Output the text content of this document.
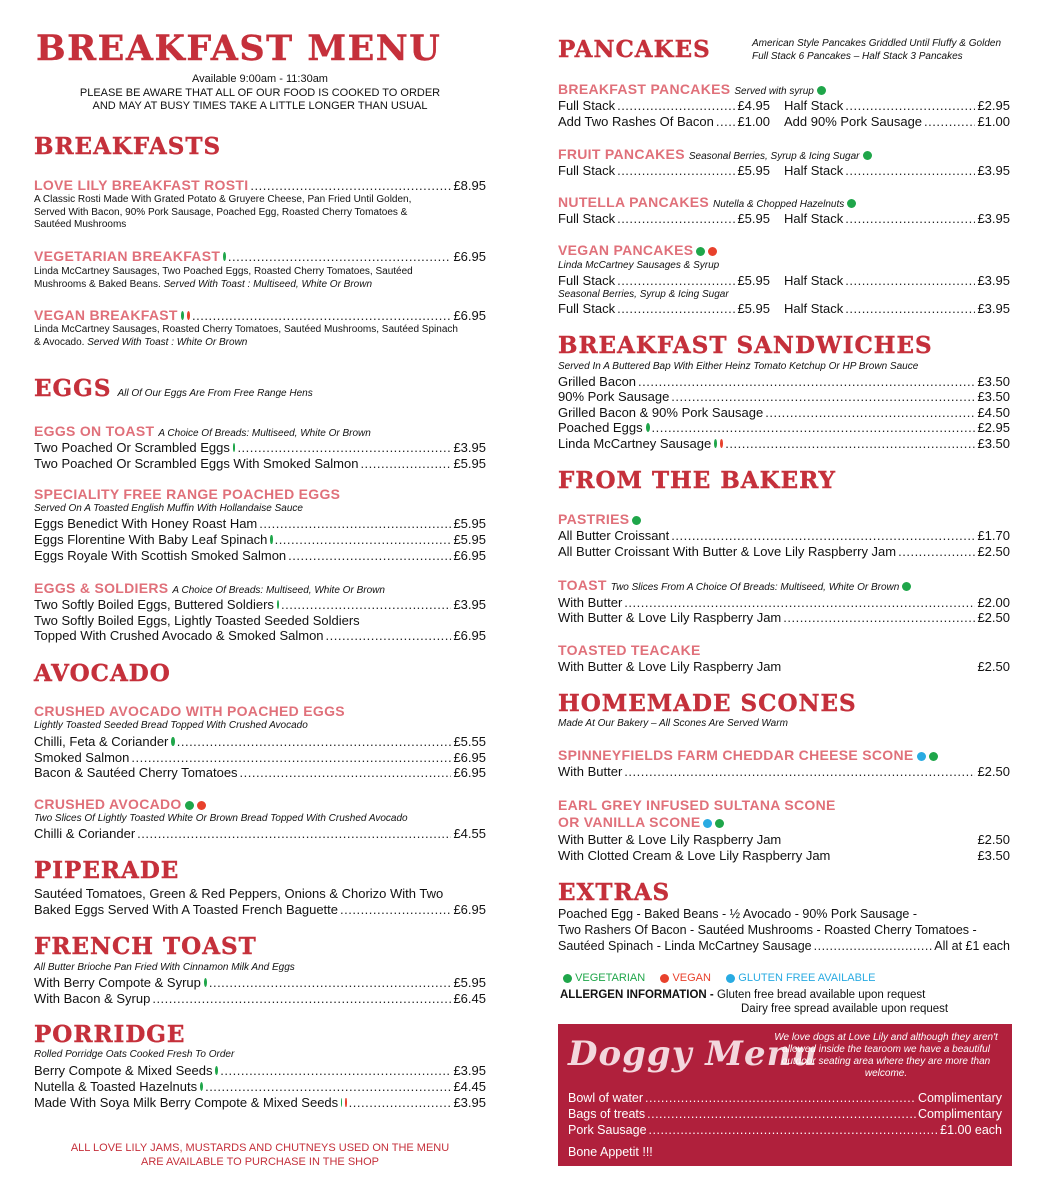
BREAKFAST MENU
Available 9:00am - 11:30am
PLEASE BE AWARE THAT ALL OF OUR FOOD IS COOKED TO ORDER
AND MAY AT BUSY TIMES TAKE A LITTLE LONGER THAN USUAL
BREAKFASTS
LOVE LILY BREAKFAST ROSTI .....	£8.95
A Classic Rosti Made With Grated Potato & Gruyere Cheese, Pan Fried Until Golden,
Served With Bacon, 90% Pork Sausage, Poached Egg, Roasted Cherry Tomatoes &
Sautéed Mushrooms
VEGETARIAN BREAKFAST .....	£6.95
Linda McCartney Sausages, Two Poached Eggs, Roasted Cherry Tomatoes, Sautéed
Mushrooms & Baked Beans. Served With Toast : Multiseed, White Or Brown
VEGAN BREAKFAST .....	£6.95
Linda McCartney Sausages, Roasted Cherry Tomatoes, Sautéed Mushrooms, Sautéed Spinach
& Avocado. Served With Toast : White Or Brown
EGGS All Of Our Eggs Are From Free Range Hens
EGGS ON TOAST A Choice Of Breads: Multiseed, White Or Brown
Two Poached Or Scrambled Eggs .....	£3.95
Two Poached Or Scrambled Eggs With Smoked Salmon .....	£5.95
SPECIALITY FREE RANGE POACHED EGGS
Served On A Toasted English Muffin With Hollandaise Sauce
Eggs Benedict With Honey Roast Ham .....	£5.95
Eggs Florentine With Baby Leaf Spinach .....	£5.95
Eggs Royale With Scottish Smoked Salmon .....	£6.95
EGGS & SOLDIERS A Choice Of Breads: Multiseed, White Or Brown
Two Softly Boiled Eggs, Buttered Soldiers .....	£3.95
Two Softly Boiled Eggs, Lightly Toasted Seeded Soldiers
Topped With Crushed Avocado & Smoked Salmon .....	£6.95
AVOCADO
CRUSHED AVOCADO WITH POACHED EGGS
Lightly Toasted Seeded Bread Topped With Crushed Avocado
Chilli, Feta & Coriander .....	£5.55
Smoked Salmon .....	£6.95
Bacon & Sautéed Cherry Tomatoes .....	£6.95
CRUSHED AVOCADO
Two Slices Of Lightly Toasted White Or Brown Bread Topped With Crushed Avocado
Chilli & Coriander .....	£4.55
PIPERADE
Sautéed Tomatoes, Green & Red Peppers, Onions & Chorizo With Two
Baked Eggs Served With A Toasted French Baguette .....	£6.95
FRENCH TOAST
All Butter Brioche Pan Fried With Cinnamon Milk And Eggs
With Berry Compote & Syrup .....	£5.95
With Bacon & Syrup .....	£6.45
PORRIDGE
Rolled Porridge Oats Cooked Fresh To Order
Berry Compote & Mixed Seeds .....	£3.95
Nutella & Toasted Hazelnuts .....	£4.45
Made With Soya Milk Berry Compote & Mixed Seeds .....	£3.95
ALL LOVE LILY JAMS, MUSTARDS AND CHUTNEYS USED ON THE MENU
ARE AVAILABLE TO PURCHASE IN THE SHOP
PANCAKES	American Style Pancakes Griddled Until Fluffy & Golden
Full Stack 6 Pancakes – Half Stack 3 Pancakes
BREAKFAST PANCAKES Served with syrup
Full Stack .....	£4.95 Half Stack .....	£2.95
Add Two Rashes Of Bacon ..... £1.00 Add 90% Pork Sausage .....	£1.00
FRUIT PANCAKES Seasonal Berries, Syrup & Icing Sugar
Full Stack .....	£5.95 Half Stack .....	£3.95
NUTELLA PANCAKES Nutella & Chopped Hazelnuts
Full Stack .....	£5.95 Half Stack .....	£3.95
VEGAN PANCAKES
Linda McCartney Sausages & Syrup
Full Stack .....	£5.95 Half Stack .....	£3.95
Seasonal Berries, Syrup & Icing Sugar
Full Stack .....	£5.95 Half Stack .....	£3.95
BREAKFAST SANDWICHES
Served In A Buttered Bap With Either Heinz Tomato Ketchup Or HP Brown Sauce
Grilled Bacon .....	£3.50
90% Pork Sausage .....	£3.50
Grilled Bacon & 90% Pork Sausage .....	£4.50
Poached Eggs .....	£2.95
Linda McCartney Sausage .....	£3.50
FROM THE BAKERY
PASTRIES
All Butter Croissant .....	£1.70
All Butter Croissant With Butter & Love Lily Raspberry Jam .....	£2.50
TOAST Two Slices From A Choice Of Breads: Multiseed, White Or Brown
With Butter .....	£2.00
With Butter & Love Lily Raspberry Jam .....	£2.50
TOASTED TEACAKE
With Butter & Love Lily Raspberry Jam	£2.50
HOMEMADE SCONES
Made At Our Bakery – All Scones Are Served Warm
SPINNEYFIELDS FARM CHEDDAR CHEESE SCONE
With Butter .....	£2.50
EARL GREY INFUSED SULTANA SCONE
OR VANILLA SCONE
With Butter & Love Lily Raspberry Jam	£2.50
With Clotted Cream & Love Lily Raspberry Jam	£3.50
EXTRAS
Poached Egg - Baked Beans - ½ Avocado - 90% Pork Sausage -
Two Rashers Of Bacon - Sautéed Mushrooms - Roasted Cherry Tomatoes -
Sautéed Spinach - Linda McCartney Sausage .....	All at £1 each
VEGETARIAN VEGAN GLUTEN FREE AVAILABLE
ALLERGEN INFORMATION - Gluten free bread available upon request
Dairy free spread available upon request
Doggy Menu
We love dogs at Love Lily and although they aren't allowed inside the tearoom we have a beautiful outdoor seating area where they are more than welcome.
Bowl of water .....	Complimentary
Bags of treats .....	Complimentary
Pork Sausage .....	£1.00 each
Bone Appetit !!!
